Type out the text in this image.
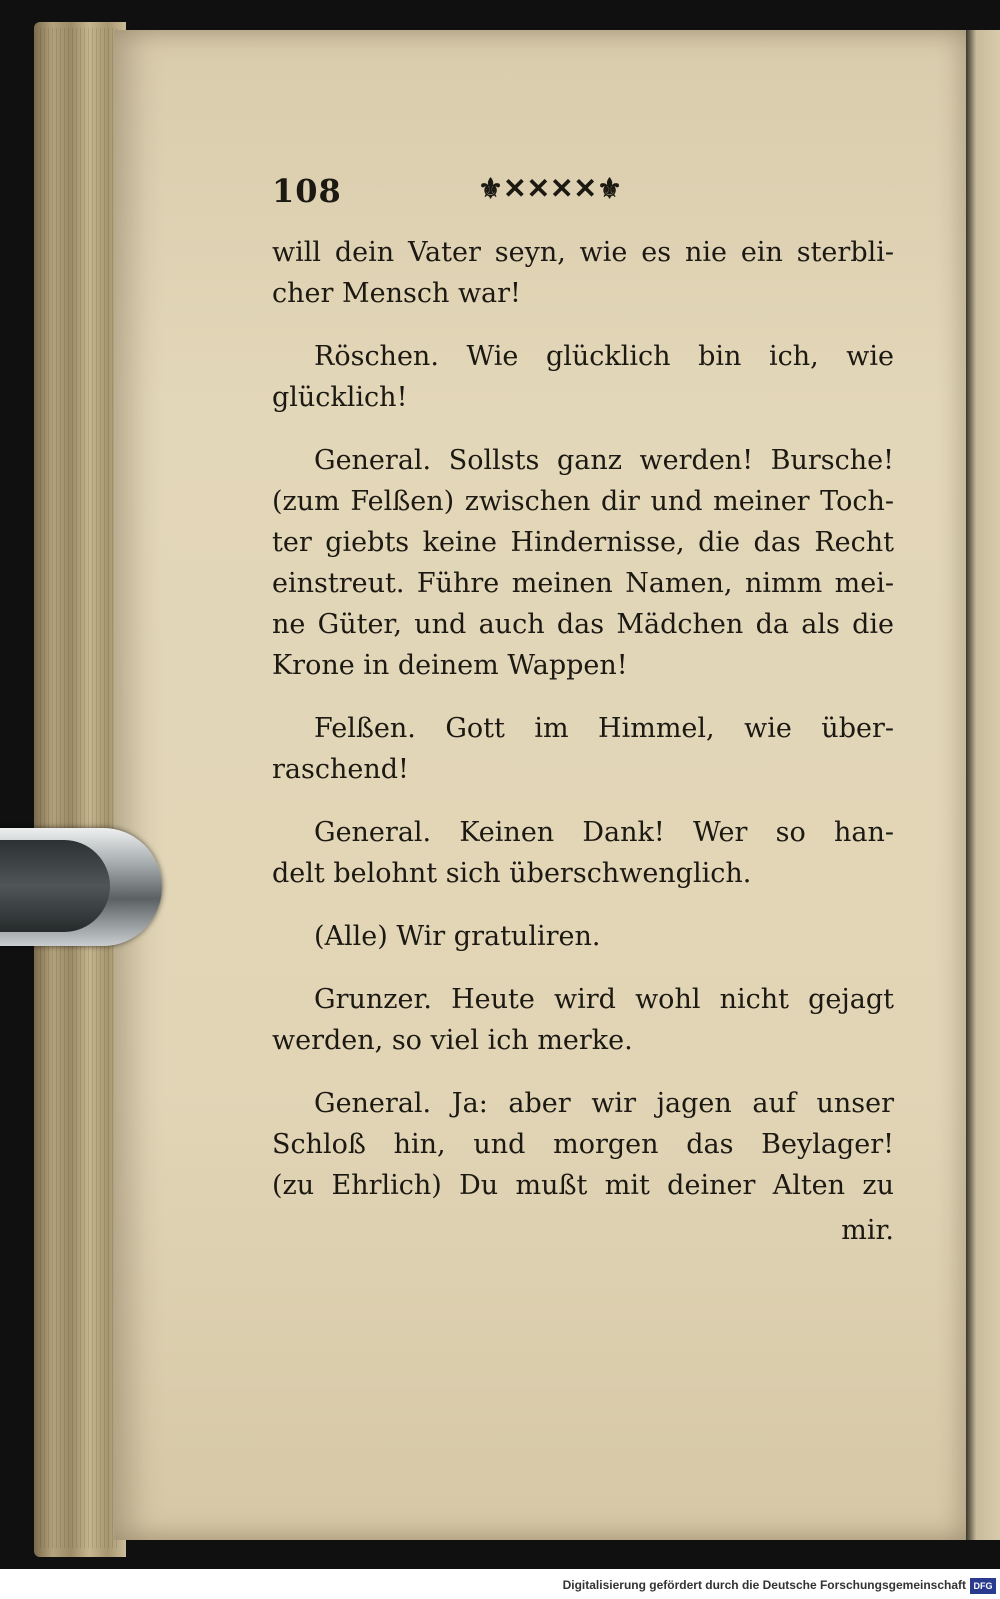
108	⚜✕✕✕✕⚜

will dein Vater seyn, wie es nie ein sterbli-
cher Mensch war!

Röschen. Wie glücklich bin ich, wie
glücklich!

General. Sollsts ganz werden! Bursche!
(zum Felßen) zwischen dir und meiner Toch-
ter giebts keine Hindernisse, die das Recht
einstreut. Führe meinen Namen, nimm mei-
ne Güter, und auch das Mädchen da als die
Krone in deinem Wappen!

Felßen. Gott im Himmel, wie über-
raschend!

General. Keinen Dank! Wer so han-
delt belohnt sich überschwenglich.

(Alle) Wir gratuliren.

Grunzer. Heute wird wohl nicht gejagt
werden, so viel ich merke.

General. Ja: aber wir jagen auf unser
Schloß hin, und morgen das Beylager!
(zu Ehrlich) Du mußt mit deiner Alten zu

mir.
Digitalisierung gefördert durch die Deutsche Forschungsgemeinschaft DFG
